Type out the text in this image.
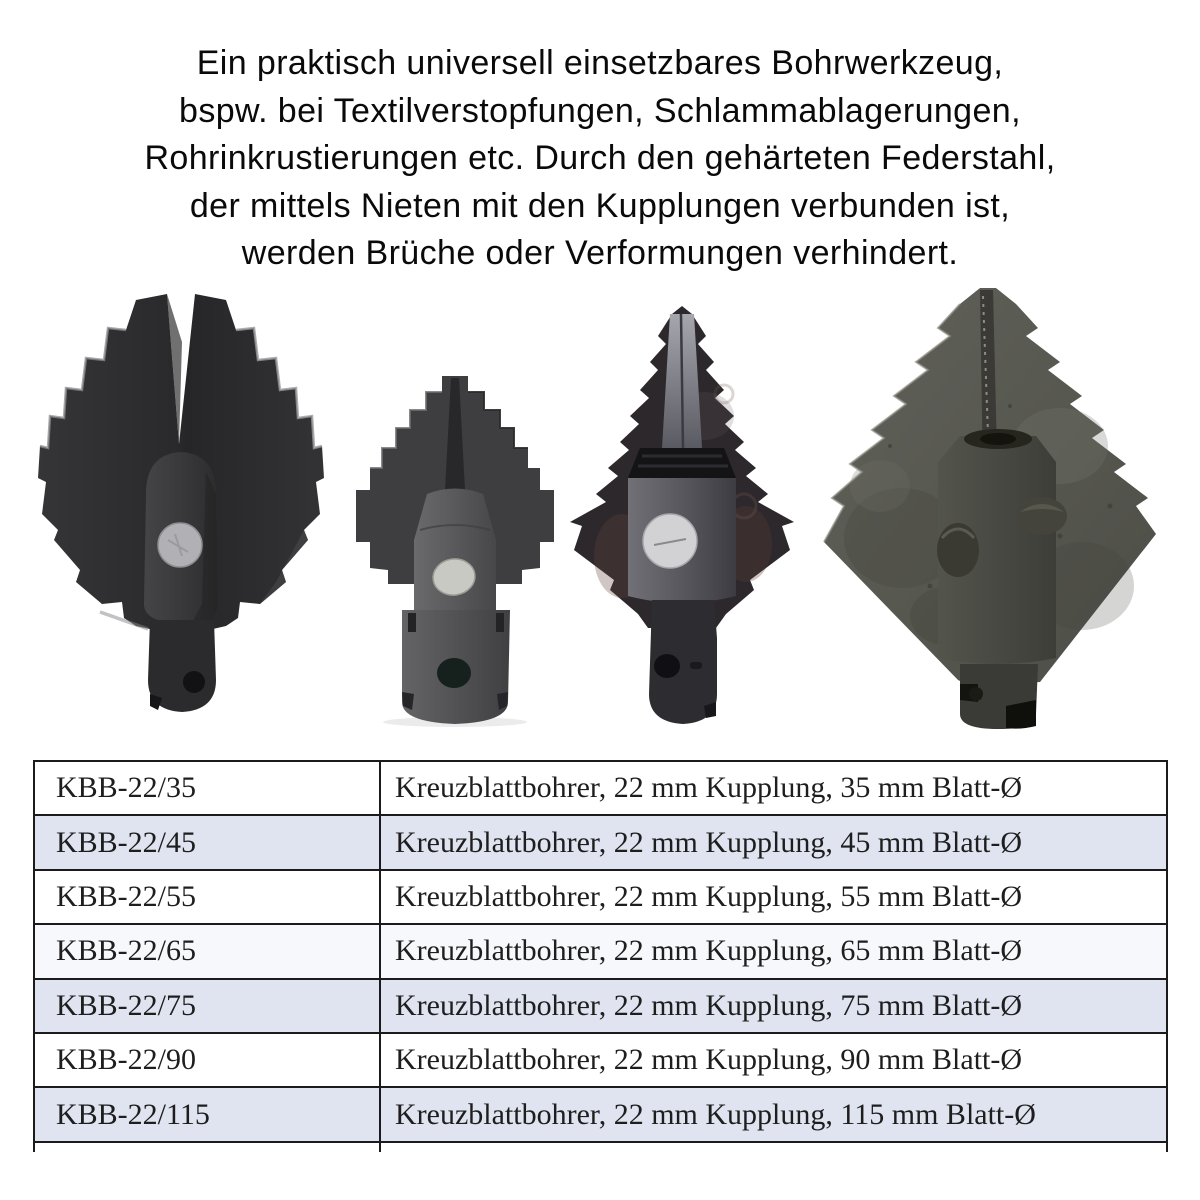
Ein praktisch universell einsetzbares Bohrwerkzeug,
bspw. bei Textilverstopfungen, Schlammablagerungen,
Rohrinkrustierungen etc. Durch den gehärteten Federstahl,
der mittels Nieten mit den Kupplungen verbunden ist,
werden Brüche oder Verformungen verhindert.
KBB-22/35	Kreuzblattbohrer, 22 mm Kupplung, 35 mm Blatt-Ø
KBB-22/45	Kreuzblattbohrer, 22 mm Kupplung, 45 mm Blatt-Ø
KBB-22/55	Kreuzblattbohrer, 22 mm Kupplung, 55 mm Blatt-Ø
KBB-22/65	Kreuzblattbohrer, 22 mm Kupplung, 65 mm Blatt-Ø
KBB-22/75	Kreuzblattbohrer, 22 mm Kupplung, 75 mm Blatt-Ø
KBB-22/90	Kreuzblattbohrer, 22 mm Kupplung, 90 mm Blatt-Ø
KBB-22/115	Kreuzblattbohrer, 22 mm Kupplung, 115 mm Blatt-Ø
